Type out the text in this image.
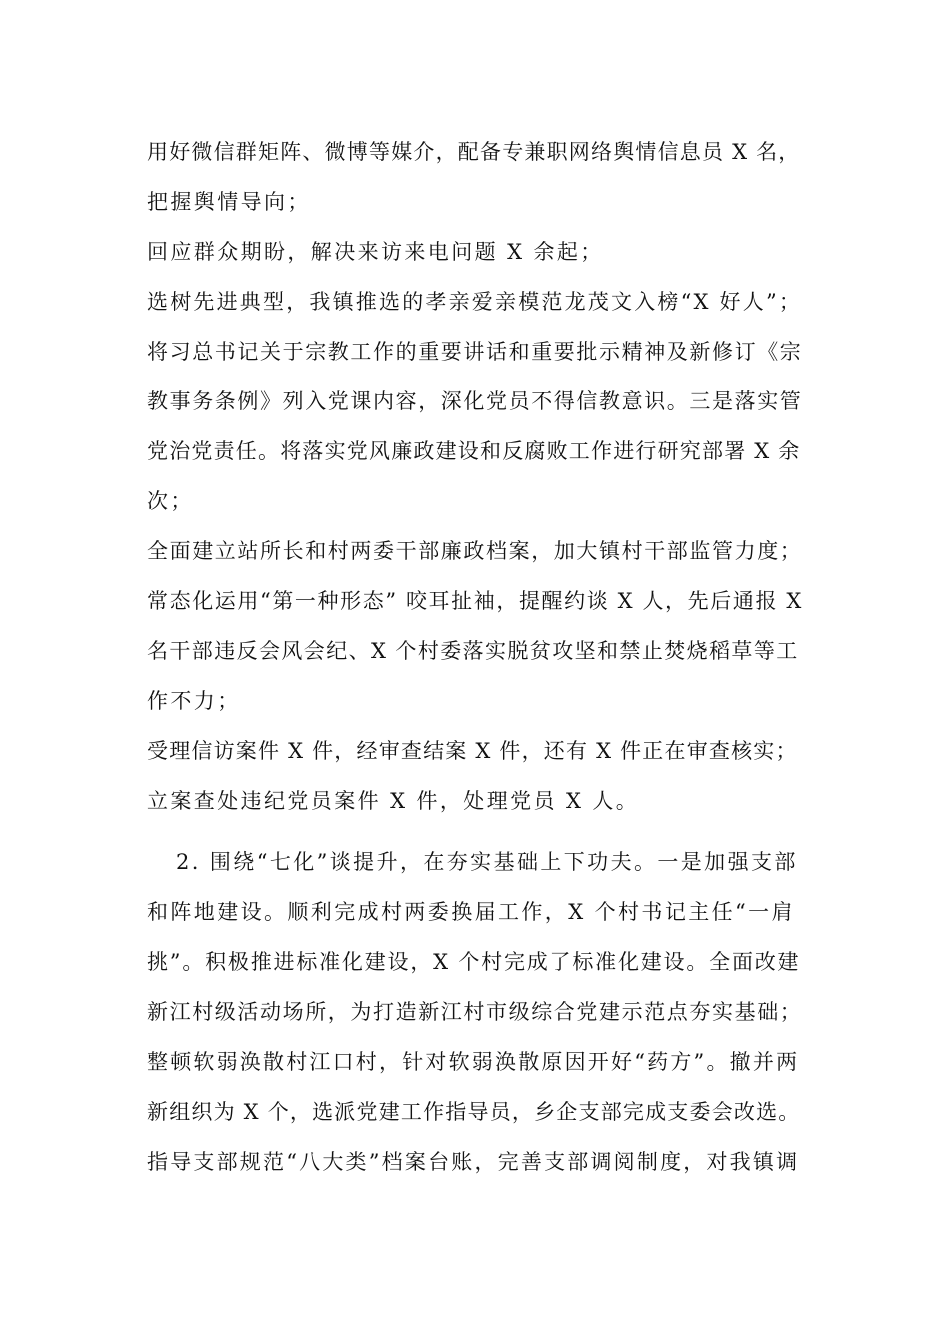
用好微信群矩阵、微博等媒介，配备专兼职网络舆情信息员 X 名，
把握舆情导向；
回应群众期盼，解决来访来电问题 X 余起；
选树先进典型，我镇推选的孝亲爱亲模范龙茂文入榜“X 好人”；
将习总书记关于宗教工作的重要讲话和重要批示精神及新修订《宗
教事务条例》列入党课内容，深化党员不得信教意识。三是落实管
党治党责任。将落实党风廉政建设和反腐败工作进行研究部署 X 余
次；
全面建立站所长和村两委干部廉政档案，加大镇村干部监管力度；
常态化运用“第一种形态” 咬耳扯袖，提醒约谈 X 人，先后通报 X
名干部违反会风会纪、X 个村委落实脱贫攻坚和禁止焚烧稻草等工
作不力；
受理信访案件 X 件，经审查结案 X 件，还有 X 件正在审查核实；
立案查处违纪党员案件 X 件，处理党员 X 人。
2. 围绕“七化”谈提升，在夯实基础上下功夫。一是加强支部
和阵地建设。顺利完成村两委换届工作，X 个村书记主任“一肩
挑”。积极推进标准化建设，X 个村完成了标准化建设。全面改建
新江村级活动场所，为打造新江村市级综合党建示范点夯实基础；
整顿软弱涣散村江口村，针对软弱涣散原因开好“药方”。撤并两
新组织为 X 个，选派党建工作指导员，乡企支部完成支委会改选。
指导支部规范“八大类”档案台账，完善支部调阅制度，对我镇调
